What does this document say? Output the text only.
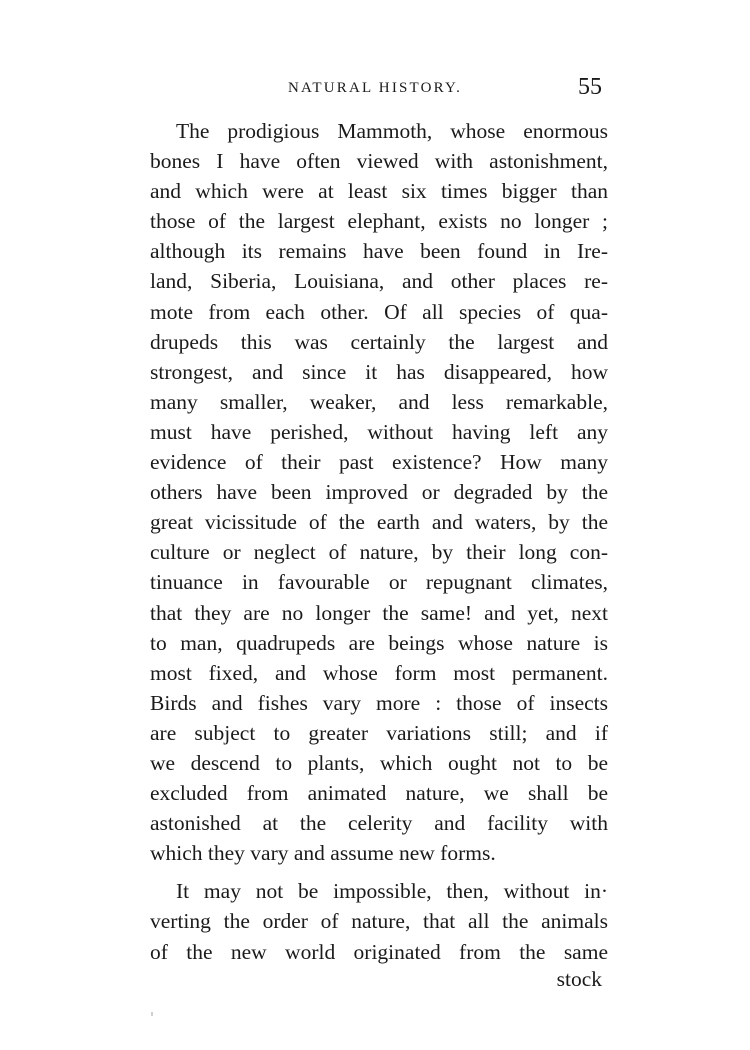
NATURAL HISTORY.	55
The prodigious Mammoth, whose enormous
bones I have often viewed with astonishment,
and which were at least six times bigger than
those of the largest elephant, exists no longer ;
although its remains have been found in Ire-
land, Siberia, Louisiana, and other places re-
mote from each other. Of all species of qua-
drupeds this was certainly the largest and
strongest, and since it has disappeared, how
many smaller, weaker, and less remarkable,
must have perished, without having left any
evidence of their past existence? How many
others have been improved or degraded by the
great vicissitude of the earth and waters, by the
culture or neglect of nature, by their long con-
tinuance in favourable or repugnant climates,
that they are no longer the same! and yet, next
to man, quadrupeds are beings whose nature is
most fixed, and whose form most permanent.
Birds and fishes vary more : those of insects
are subject to greater variations still; and if
we descend to plants, which ought not to be
excluded from animated nature, we shall be
astonished at the celerity and facility with
which they vary and assume new forms.
It may not be impossible, then, without in·
verting the order of nature, that all the animals
of the new world originated from the same
stock
